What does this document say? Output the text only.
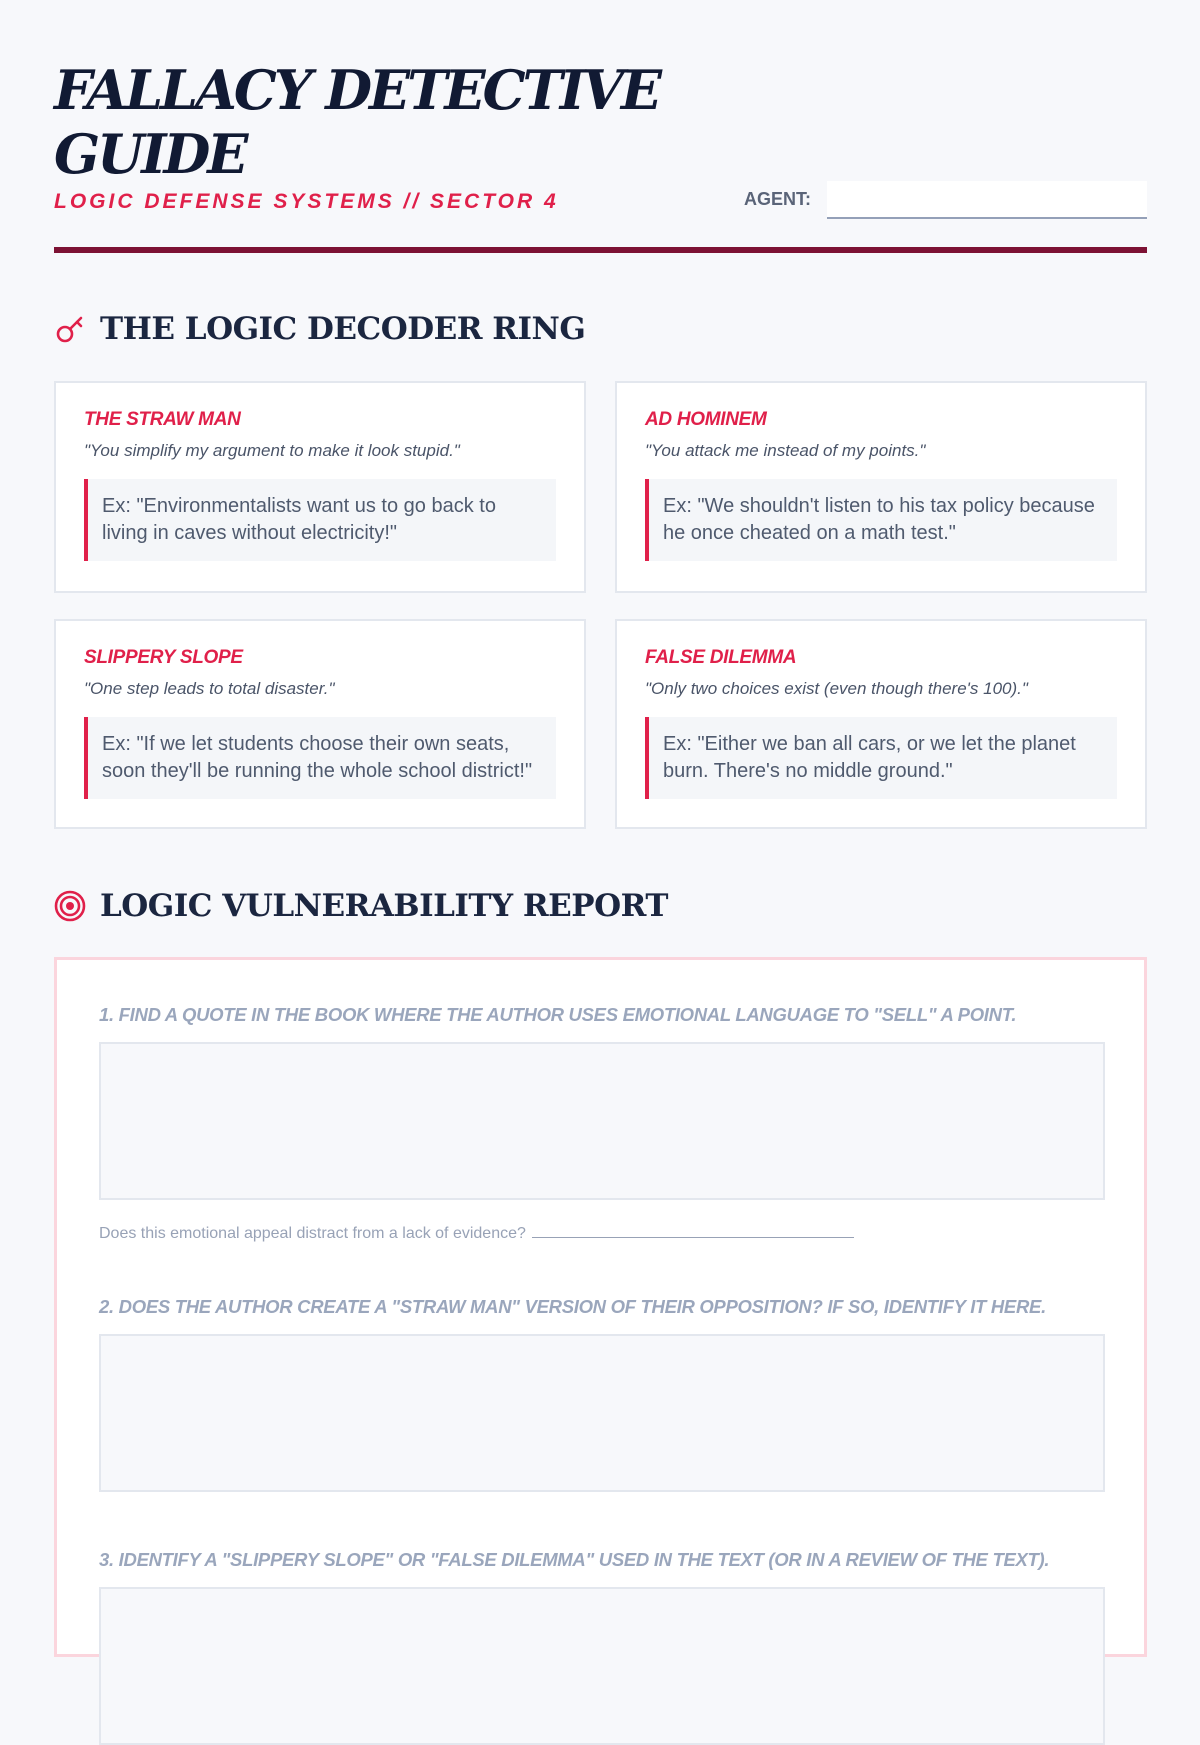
FALLACY DETECTIVE GUIDE
LOGIC DEFENSE SYSTEMS // SECTOR 4	AGENT:
THE LOGIC DECODER RING
THE STRAW MAN
"You simplify my argument to make it look stupid."
Ex: "Environmentalists want us to go back to living in caves without electricity!"
AD HOMINEM
"You attack me instead of my points."
Ex: "We shouldn't listen to his tax policy because he once cheated on a math test."
SLIPPERY SLOPE
"One step leads to total disaster."
Ex: "If we let students choose their own seats, soon they'll be running the whole school district!"
FALSE DILEMMA
"Only two choices exist (even though there's 100)."
Ex: "Either we ban all cars, or we let the planet burn. There's no middle ground."
LOGIC VULNERABILITY REPORT
1. FIND A QUOTE IN THE BOOK WHERE THE AUTHOR USES EMOTIONAL LANGUAGE TO "SELL" A POINT.
Does this emotional appeal distract from a lack of evidence?
2. DOES THE AUTHOR CREATE A "STRAW MAN" VERSION OF THEIR OPPOSITION? IF SO, IDENTIFY IT HERE.
3. IDENTIFY A "SLIPPERY SLOPE" OR "FALSE DILEMMA" USED IN THE TEXT (OR IN A REVIEW OF THE TEXT).
